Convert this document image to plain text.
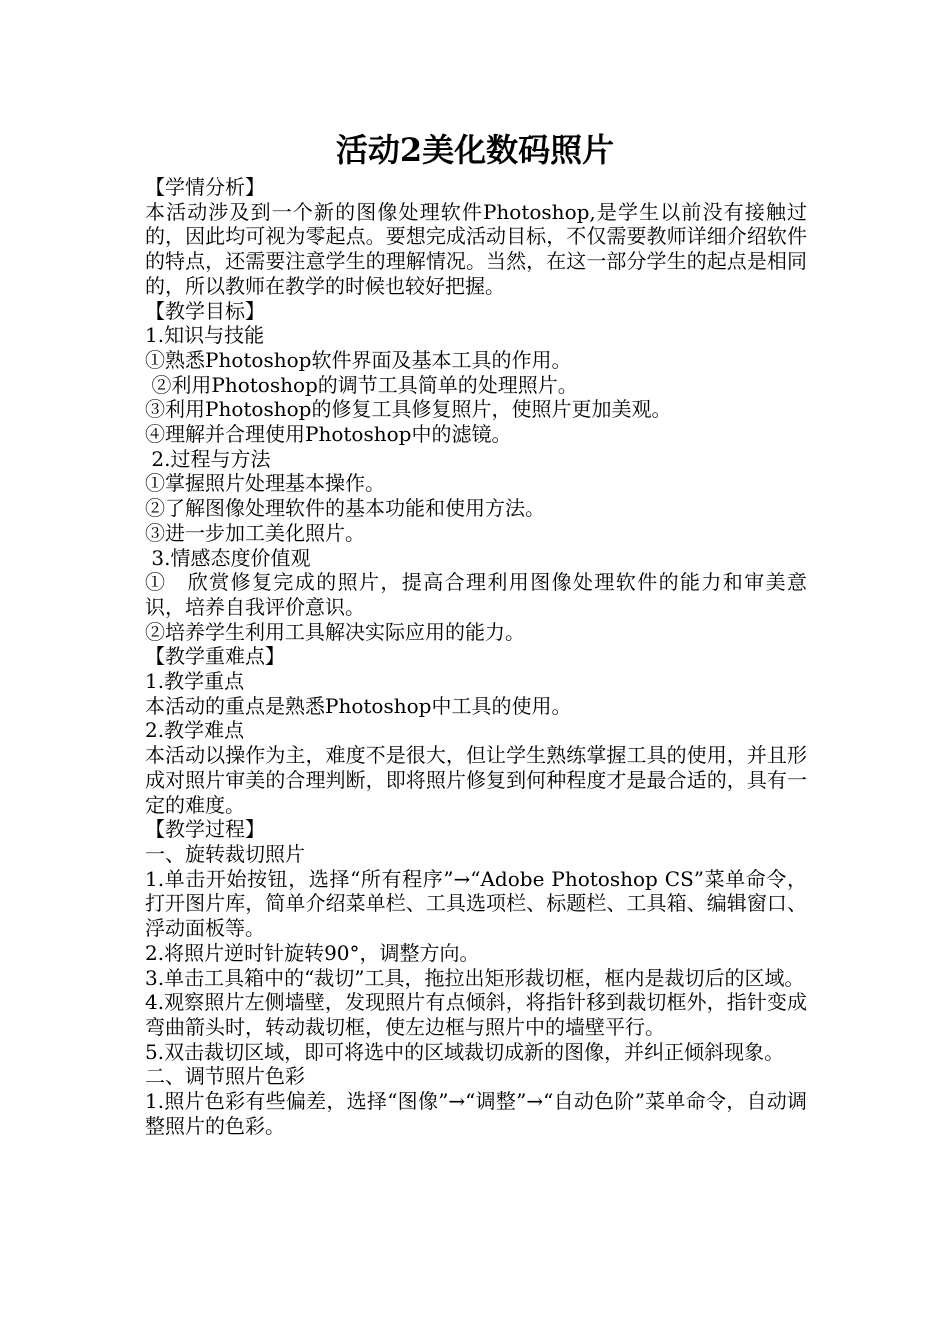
活动2美化数码照片

【学情分析】

本活动涉及到一个新的图像处理软件Photoshop,是学生以前没有接触过的，因此均可视为零起点。要想完成活动目标，不仅需要教师详细介绍软件的特点，还需要注意学生的理解情况。当然，在这一部分学生的起点是相同的，所以教师在教学的时候也较好把握。

【教学目标】

1.知识与技能

①熟悉Photoshop软件界面及基本工具的作用。

②利用Photoshop的调节工具简单的处理照片。

③利用Photoshop的修复工具修复照片，使照片更加美观。

④理解并合理使用Photoshop中的滤镜。

2.过程与方法

①掌握照片处理基本操作。

②了解图像处理软件的基本功能和使用方法。

③进一步加工美化照片。

3.情感态度价值观

①　欣赏修复完成的照片，提高合理利用图像处理软件的能力和审美意

识，培养自我评价意识。

②培养学生利用工具解决实际应用的能力。

【教学重难点】

1.教学重点

本活动的重点是熟悉Photoshop中工具的使用。

2.教学难点

本活动以操作为主，难度不是很大，但让学生熟练掌握工具的使用，并且形成对照片审美的合理判断，即将照片修复到何种程度才是最合适的，具有一定的难度。

【教学过程】

一、旋转裁切照片

1.单击开始按钮，选择“所有程序”→“Adobe Photoshop CS”菜单命令，打开图片库，简单介绍菜单栏、工具选项栏、标题栏、工具箱、编辑窗口、浮动面板等。

2.将照片逆时针旋转90°，调整方向。

3.单击工具箱中的“裁切”工具，拖拉出矩形裁切框，框内是裁切后的区域。

4.观察照片左侧墙壁，发现照片有点倾斜，将指针移到裁切框外，指针变成弯曲箭头时，转动裁切框，使左边框与照片中的墙壁平行。

5.双击裁切区域，即可将选中的区域裁切成新的图像，并纠正倾斜现象。

二、调节照片色彩

1.照片色彩有些偏差，选择“图像”→“调整”→“自动色阶”菜单命令，自动调整照片的色彩。
